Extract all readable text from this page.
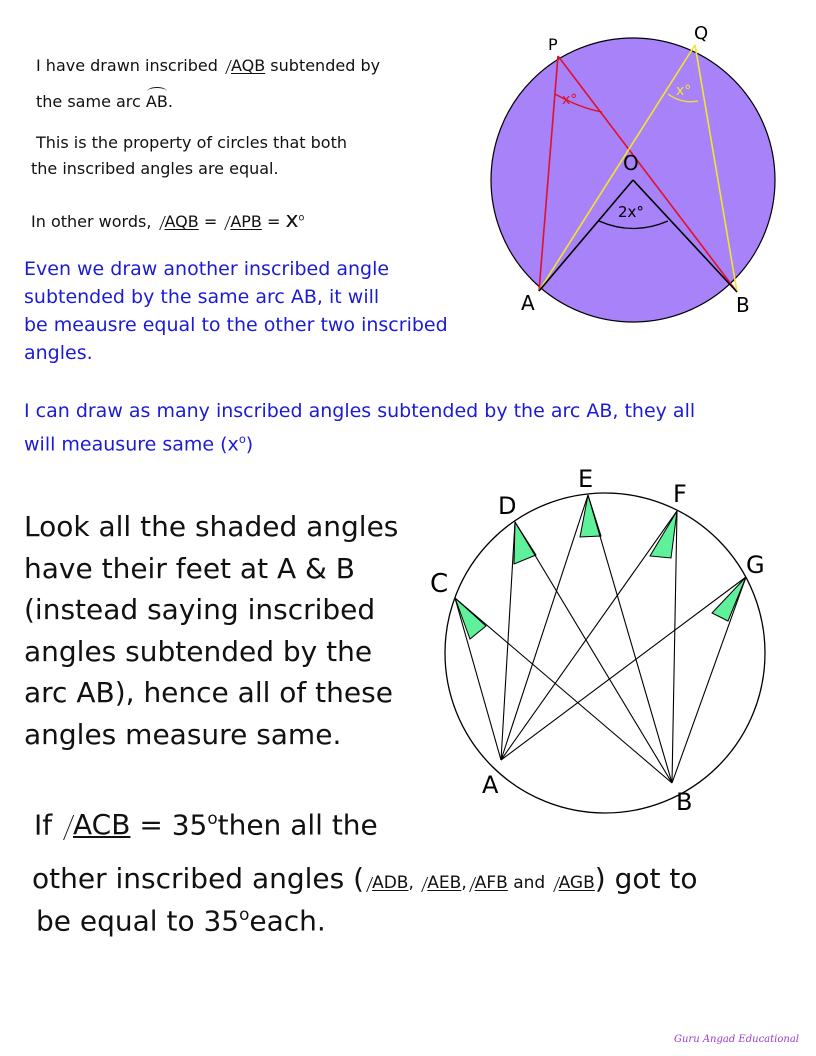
I have drawn inscribed AQB subtended by
the same arc AB.
This is the property of circles that both
the inscribed angles are equal.
In other words, AQB = APB = $x^o$
Even we draw another inscribed angle
subtended by the same arc AB, it will
be meausre equal to the other two inscribed
angles.
I can draw as many inscribed angles subtended by the arc AB, they all
will meausure same $(x^o)$
Look all the shaded angles
have their feet at A & B
(instead saying inscribed
angles subtended by the
arc AB), hence all of these
angles measure same.
If ACB = $35^othen$ all the
other inscribed angles ( ADB, AEB, AFB and AGB) got to
be equal to 35$^o$each.
P
Q
O
A	B
x°
x°
2x°
C
D
E
F
G
A
B
Guru Angad Educational
